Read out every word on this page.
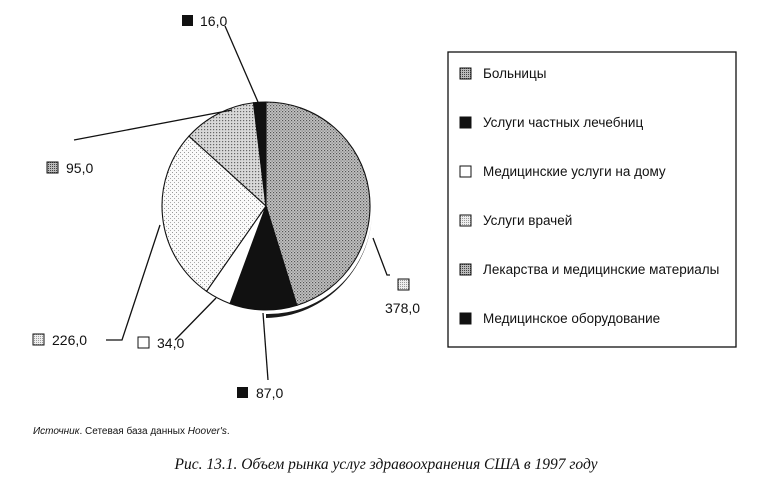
16,0
95,0
226,0	34,0
87,0
378,0
Больницы
Услуги частных лечебниц
Медицинские услуги на дому
Услуги врачей
Лекарства и медицинские материалы
Медицинское оборудование
Источник. Сетевая база данных Hoover's.
Рис. 13.1. Объем рынка услуг здравоохранения США в 1997 году
